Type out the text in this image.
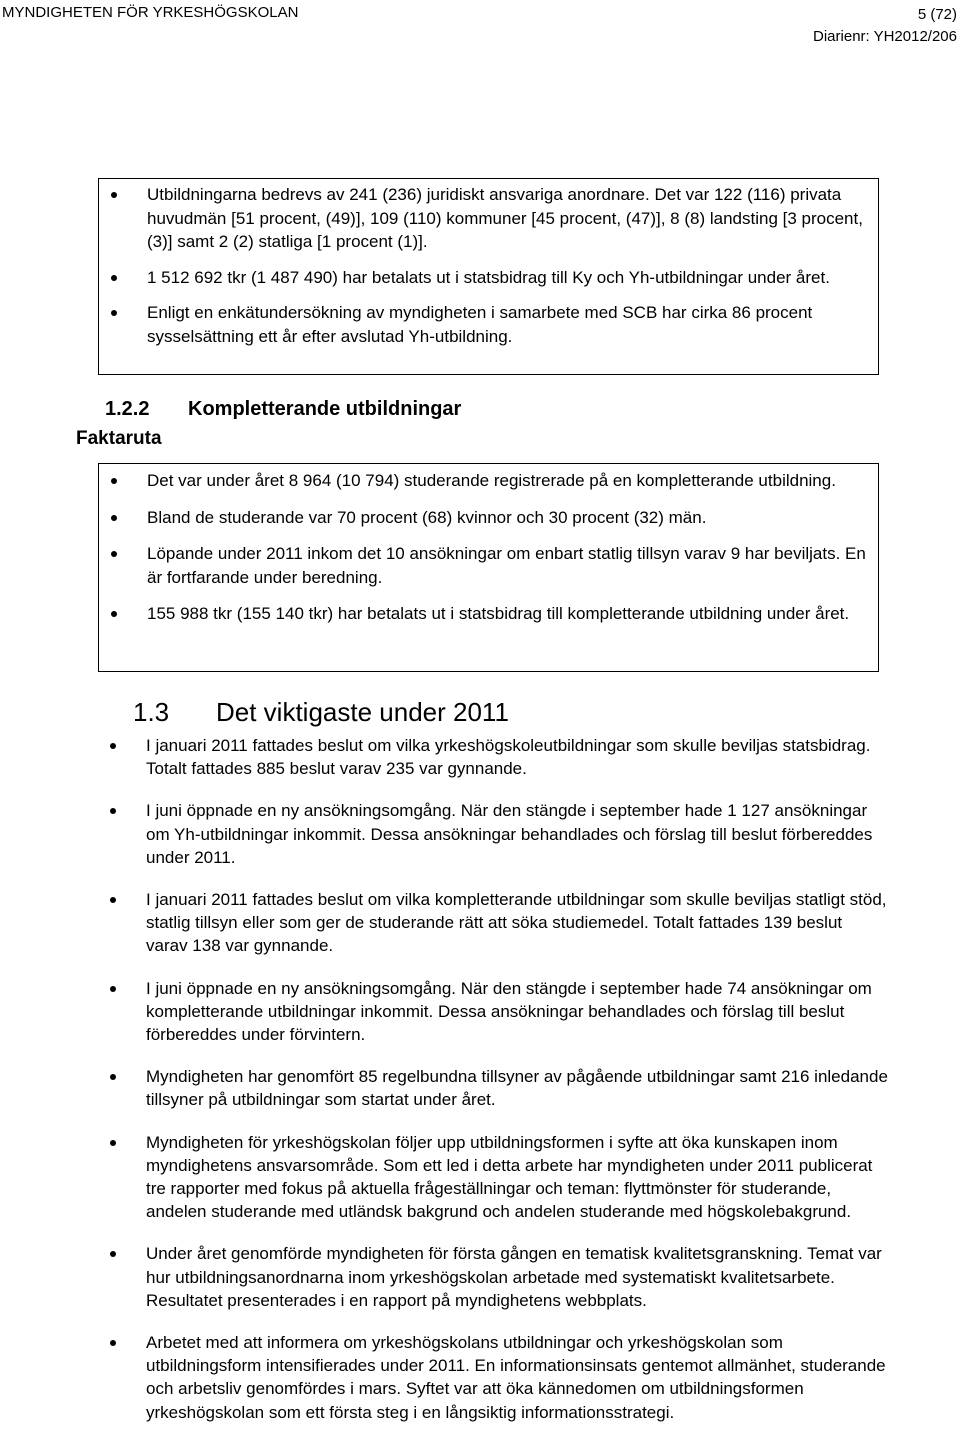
MYNDIGHETEN FÖR YRKESHÖGSKOLAN	5 (72)
Diarienr: YH2012/206
Utbildningarna bedrevs av 241 (236) juridiskt ansvariga anordnare. Det var 122 (116) privata huvudmän [51 procent, (49)], 109 (110) kommuner [45 procent, (47)], 8 (8) landsting [3 procent, (3)] samt 2 (2) statliga [1 procent (1)].
1 512 692 tkr (1 487 490) har betalats ut i statsbidrag till Ky och Yh-utbildningar under året.
Enligt en enkätundersökning av myndigheten i samarbete med SCB har cirka 86 procent sysselsättning ett år efter avslutad Yh-utbildning.
1.2.2 Kompletterande utbildningar
Faktaruta
Det var under året 8 964 (10 794) studerande registrerade på en kompletterande utbildning.
Bland de studerande var 70 procent (68) kvinnor och 30 procent (32) män.
Löpande under 2011 inkom det 10 ansökningar om enbart statlig tillsyn varav 9 har beviljats. En är fortfarande under beredning.
155 988 tkr (155 140 tkr) har betalats ut i statsbidrag till kompletterande utbildning under året.
1.3 Det viktigaste under 2011
I januari 2011 fattades beslut om vilka yrkeshögskoleutbildningar som skulle beviljas statsbidrag. Totalt fattades 885 beslut varav 235 var gynnande.
I juni öppnade en ny ansökningsomgång. När den stängde i september hade 1 127 ansökningar om Yh-utbildningar inkommit. Dessa ansökningar behandlades och förslag till beslut förbereddes under 2011.
I januari 2011 fattades beslut om vilka kompletterande utbildningar som skulle beviljas statligt stöd, statlig tillsyn eller som ger de studerande rätt att söka studiemedel. Totalt fattades 139 beslut varav 138 var gynnande.
I juni öppnade en ny ansökningsomgång. När den stängde i september hade 74 ansökningar om kompletterande utbildningar inkommit. Dessa ansökningar behandlades och förslag till beslut förbereddes under förvintern.
Myndigheten har genomfört 85 regelbundna tillsyner av pågående utbildningar samt 216 inledande tillsyner på utbildningar som startat under året.
Myndigheten för yrkeshögskolan följer upp utbildningsformen i syfte att öka kunskapen inom myndighetens ansvarsområde. Som ett led i detta arbete har myndigheten under 2011 publicerat tre rapporter med fokus på aktuella frågeställningar och teman: flyttmönster för studerande, andelen studerande med utländsk bakgrund och andelen studerande med högskolebakgrund.
Under året genomförde myndigheten för första gången en tematisk kvalitetsgranskning. Temat var hur utbildningsanordnarna inom yrkeshögskolan arbetade med systematiskt kvalitetsarbete. Resultatet presenterades i en rapport på myndighetens webbplats.
Arbetet med att informera om yrkeshögskolans utbildningar och yrkeshögskolan som utbildningsform intensifierades under 2011. En informationsinsats gentemot allmänhet, studerande och arbetsliv genomfördes i mars. Syftet var att öka kännedomen om utbildningsformen yrkeshögskolan som ett första steg i en långsiktig informationsstrategi.
